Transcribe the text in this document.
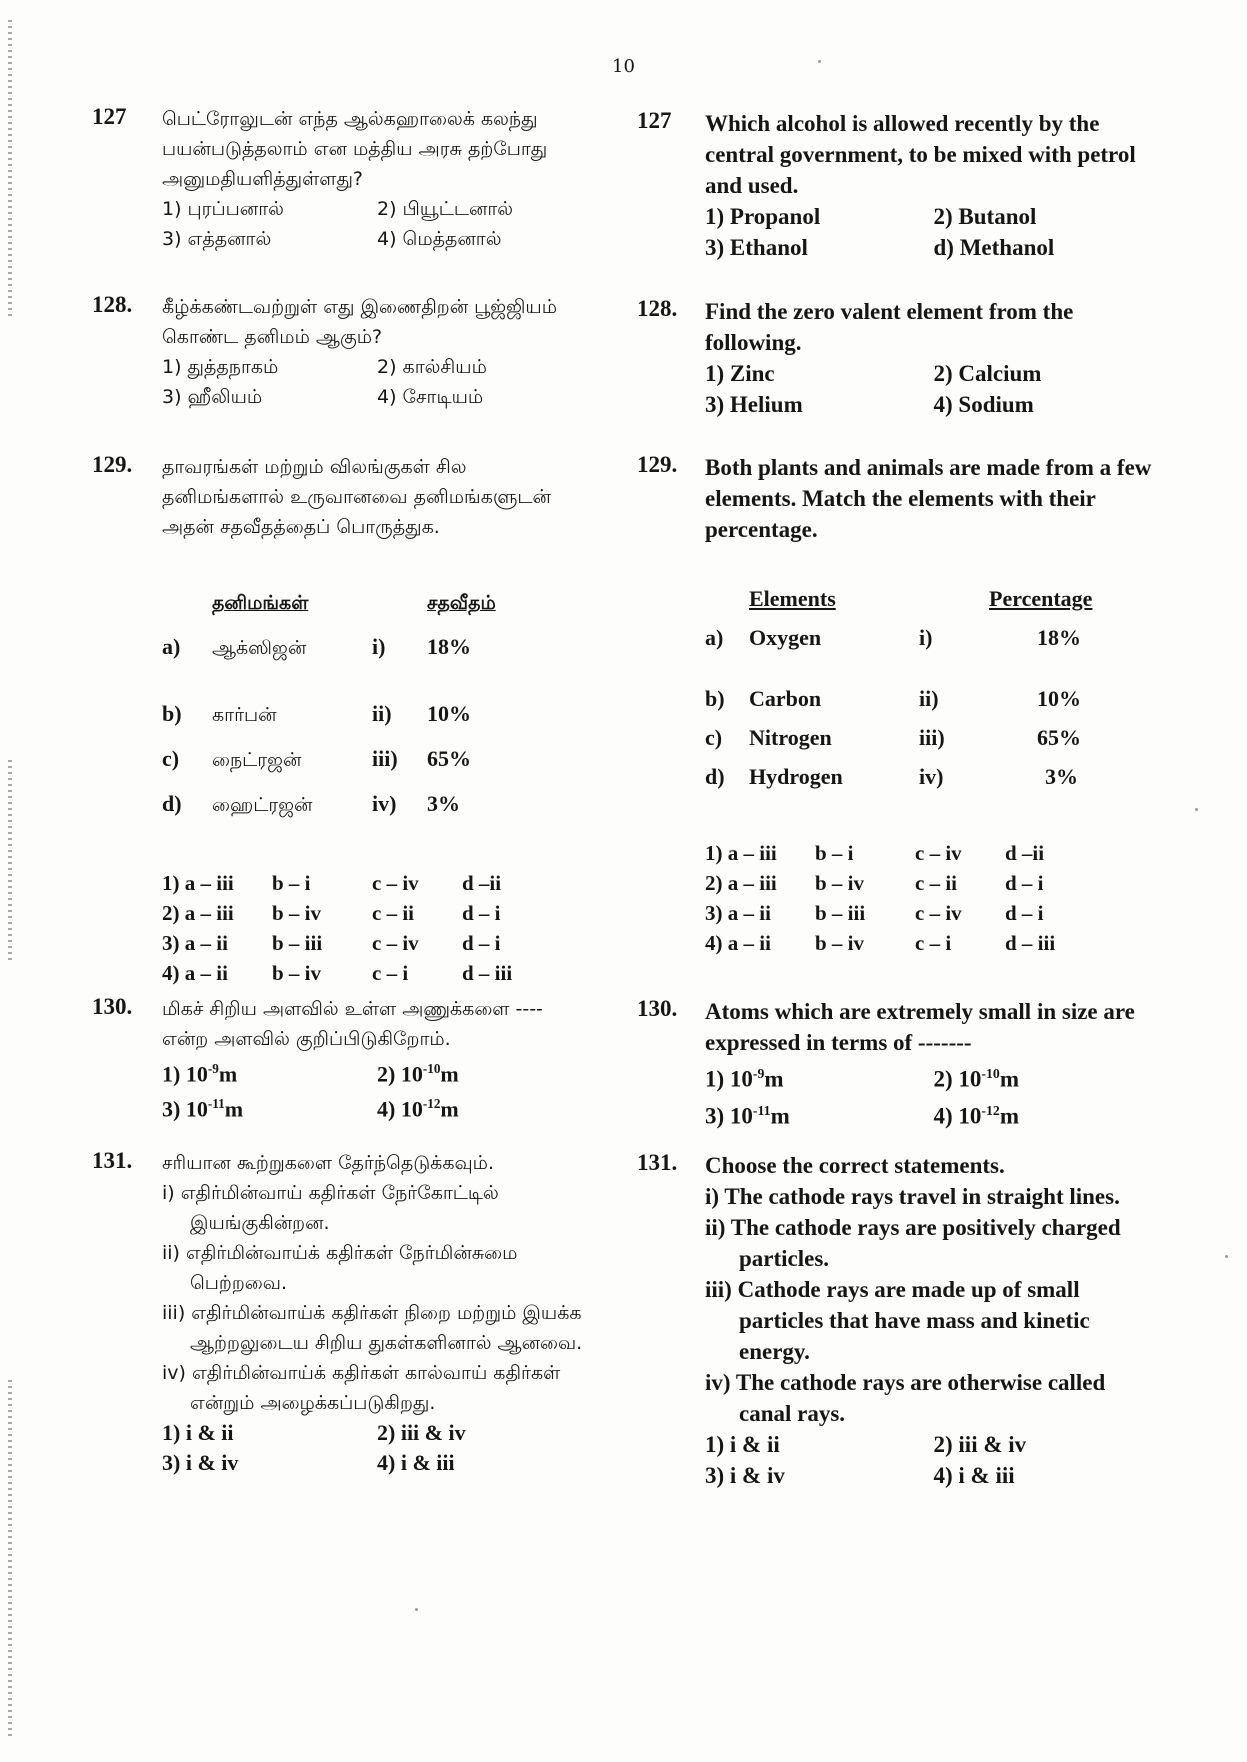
10
127 பெட்ரோலுடன் எந்த ஆல்கஹாலைக் கலந்து பயன்படுத்தலாம் என மத்திய அரசு தற்போது அனுமதியளித்துள்ளது?

1) புரப்பனால்	2) பியூட்டனால்
3) எத்தனால்	4) மெத்தனால்
128. கீழ்க்கண்டவற்றுள் எது இணைதிறன் பூஜ்ஜியம் கொண்ட தனிமம் ஆகும்?

1) துத்தநாகம்	2) கால்சியம்
3) ஹீலியம்	4) சோடியம்
129. தாவரங்கள் மற்றும் விலங்குகள் சில தனிமங்களால் உருவானவை தனிமங்களுடன் அதன் சதவீதத்தைப் பொருத்துக.

தனிமங்கள்	சதவீதம்
a)	ஆக்ஸிஜன்	i)	18%
b)	கார்பன்	ii)	10%
c)	நைட்ரஜன்	iii)	65%
d)	ஹைட்ரஜன்	iv)	3%
1) a – iii	b – i	c – iv	d –ii
2) a – iii	b – iv	c – ii	d – i
3) a – ii	b – iii	c – iv	d – i
4) a – ii	b – iv	c – i	d – iii
130. மிகச் சிறிய அளவில் உள்ள அணுக்களை ---- என்ற அளவில் குறிப்பிடுகிறோம்.

1) $10^{-9}m$	2) $10^{-10}m$
3) $10^{-11}m$	4) $10^{-12}m$
131. சரியான கூற்றுகளை தேர்ந்தெடுக்கவும்.

i) எதிர்மின்வாய் கதிர்கள் நேர்கோட்டில் இயங்குகின்றன.

ii) எதிர்மின்வாய்க் கதிர்கள் நேர்மின்சுமை பெற்றவை.

iii) எதிர்மின்வாய்க் கதிர்கள் நிறை மற்றும் இயக்க ஆற்றலுடைய சிறிய துகள்களினால் ஆனவை.

iv) எதிர்மின்வாய்க் கதிர்கள் கால்வாய் கதிர்கள் என்றும் அழைக்கப்படுகிறது.

1) i & ii	2) iii & iv
3) i & iv	4) i & iii
127 Which alcohol is allowed recently by the central government, to be mixed with petrol and used.

1) Propanol	2) Butanol
3) Ethanol	d) Methanol
128. Find the zero valent element from the following.

1) Zinc	2) Calcium
3) Helium	4) Sodium
129. Both plants and animals are made from a few elements. Match the elements with their percentage.

Elements	Percentage
a)	Oxygen	i)	18%
b)	Carbon	ii)	10%
c)	Nitrogen	iii)	65%
d)	Hydrogen	iv)	3%
1) a – iii	b – i	c – iv	d –ii
2) a – iii	b – iv	c – ii	d – i
3) a – ii	b – iii	c – iv	d – i
4) a – ii	b – iv	c – i	d – iii
130. Atoms which are extremely small in size are expressed in terms of -------

1) $10^{-9}m$	2) $10^{-10}m$
3) $10^{-11}m$	4) $10^{-12}m$
131. Choose the correct statements.

i) The cathode rays travel in straight lines.

ii) The cathode rays are positively charged particles.

iii) Cathode rays are made up of small particles that have mass and kinetic energy.

iv) The cathode rays are otherwise called canal rays.

1) i & ii	2) iii & iv
3) i & iv	4) i & iii
